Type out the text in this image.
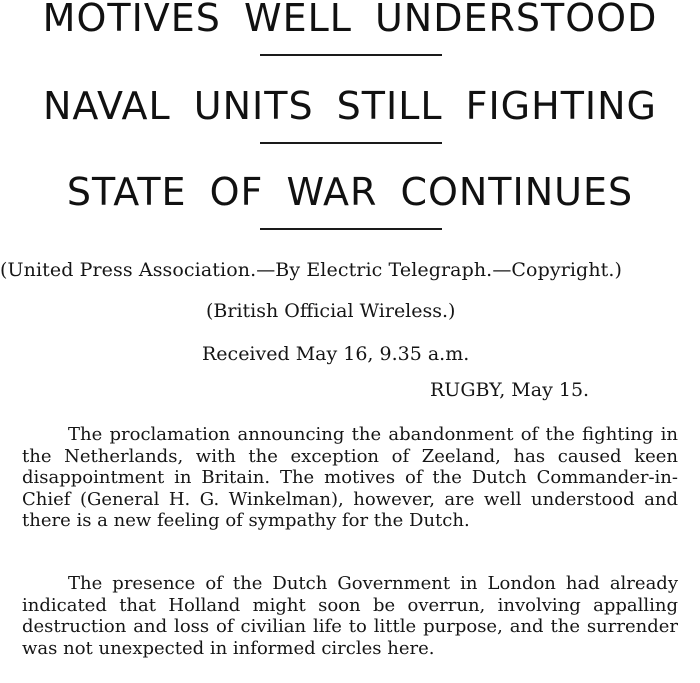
MOTIVES WELL UNDERSTOOD
NAVAL UNITS STILL FIGHTING
STATE OF WAR CONTINUES
(United Press Association.—By Electric Telegraph.—Copyright.)
(British Official Wireless.)
Received May 16, 9.35 a.m.
RUGBY, May 15.

The proclamation announcing the abandonment of the fighting in the Netherlands, with the exception of Zeeland, has caused keen disappointment in Britain. The motives of the Dutch Commander-in-Chief (General H. G. Winkelman), however, are well understood and there is a new feeling of sympathy for the Dutch.

The presence of the Dutch Government in London had already indicated that Holland might soon be overrun, involving appalling destruction and loss of civilian life to little purpose, and the surrender was not unexpected in informed circles here.
